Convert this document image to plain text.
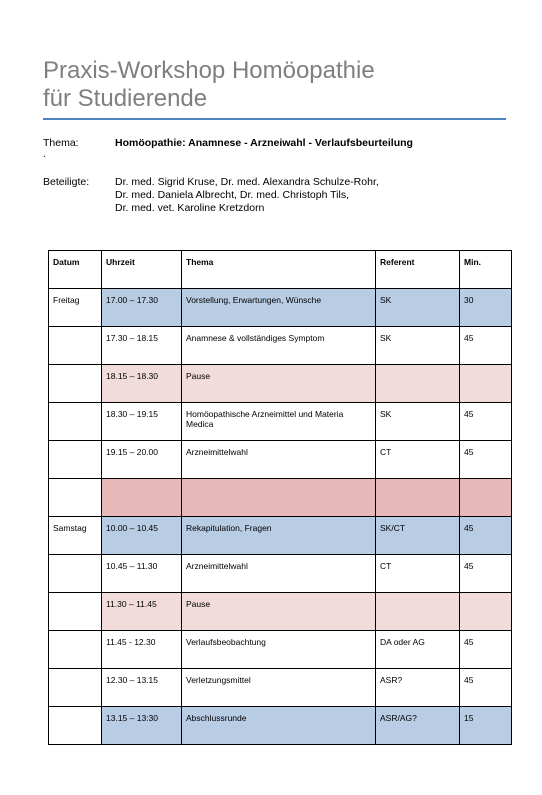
Praxis-Workshop Homöopathie
für Studierende
Thema:	Homöopathie: Anamnese - Arzneiwahl - Verlaufsbeurteilung
.
Beteiligte: Dr. med. Sigrid Kruse, Dr. med. Alexandra Schulze-Rohr,
Dr. med. Daniela Albrecht, Dr. med. Christoph Tils,
Dr. med. vet. Karoline Kretzdorn
Datum	Uhrzeit	Thema	Referent	Min.
Freitag	17.00 – 17.30	Vorstellung, Erwartungen, Wünsche	SK	30
	17.30 – 18.15	Anamnese & vollständiges Symptom	SK	45
	18.15 – 18.30	Pause		
	18.30 – 19.15	Homöopathische Arzneimittel und Materia Medica	SK	45
	19.15 – 20.00	Arzneimittelwahl	CT	45

Samstag	10.00 – 10.45	Rekapitulation, Fragen	SK/CT	45
	10.45 – 11.30	Arzneimittelwahl	CT	45
	11.30 – 11.45	Pause		
	11.45 - 12.30	Verlaufsbeobachtung	DA oder AG	45
	12.30 – 13.15	Verletzungsmittel	ASR?	45
	13.15 – 13:30	Abschlussrunde	ASR/AG?	15
